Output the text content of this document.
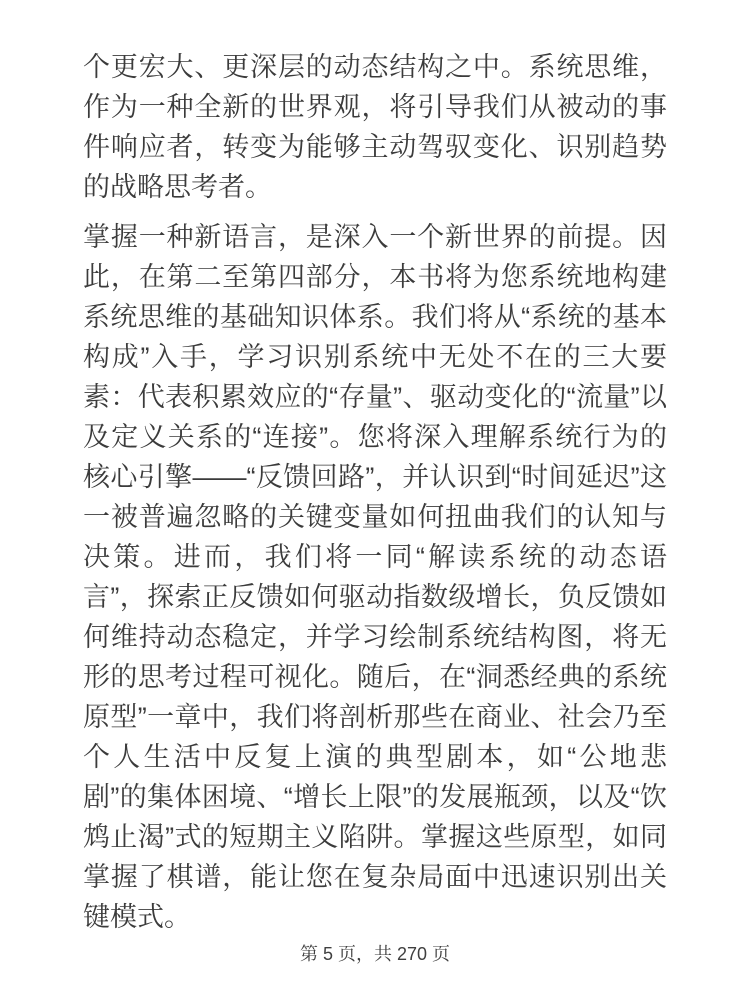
个更宏大、更深层的动态结构之中。系统思维，作为一种全新的世界观，将引导我们从被动的事件响应者，转变为能够主动驾驭变化、识别趋势的战略思考者。

掌握一种新语言，是深入一个新世界的前提。因此，在第二至第四部分，本书将为您系统地构建系统思维的基础知识体系。我们将从“系统的基本构成”入手，学习识别系统中无处不在的三大要素：代表积累效应的“存量”、驱动变化的“流量”以及定义关系的“连接”。您将深入理解系统行为的核心引擎——“反馈回路”，并认识到“时间延迟”这一被普遍忽略的关键变量如何扭曲我们的认知与决策。进而，我们将一同“解读系统的动态语言”，探索正反馈如何驱动指数级增长，负反馈如何维持动态稳定，并学习绘制系统结构图，将无形的思考过程可视化。随后，在“洞悉经典的系统原型”一章中，我们将剖析那些在商业、社会乃至个人生活中反复上演的典型剧本，如“公地悲剧”的集体困境、“增长上限”的发展瓶颈，以及“饮鸩止渴”式的短期主义陷阱。掌握这些原型，如同掌握了棋谱，能让您在复杂局面中迅速识别出关键模式。

第 5 页，共 270 页
